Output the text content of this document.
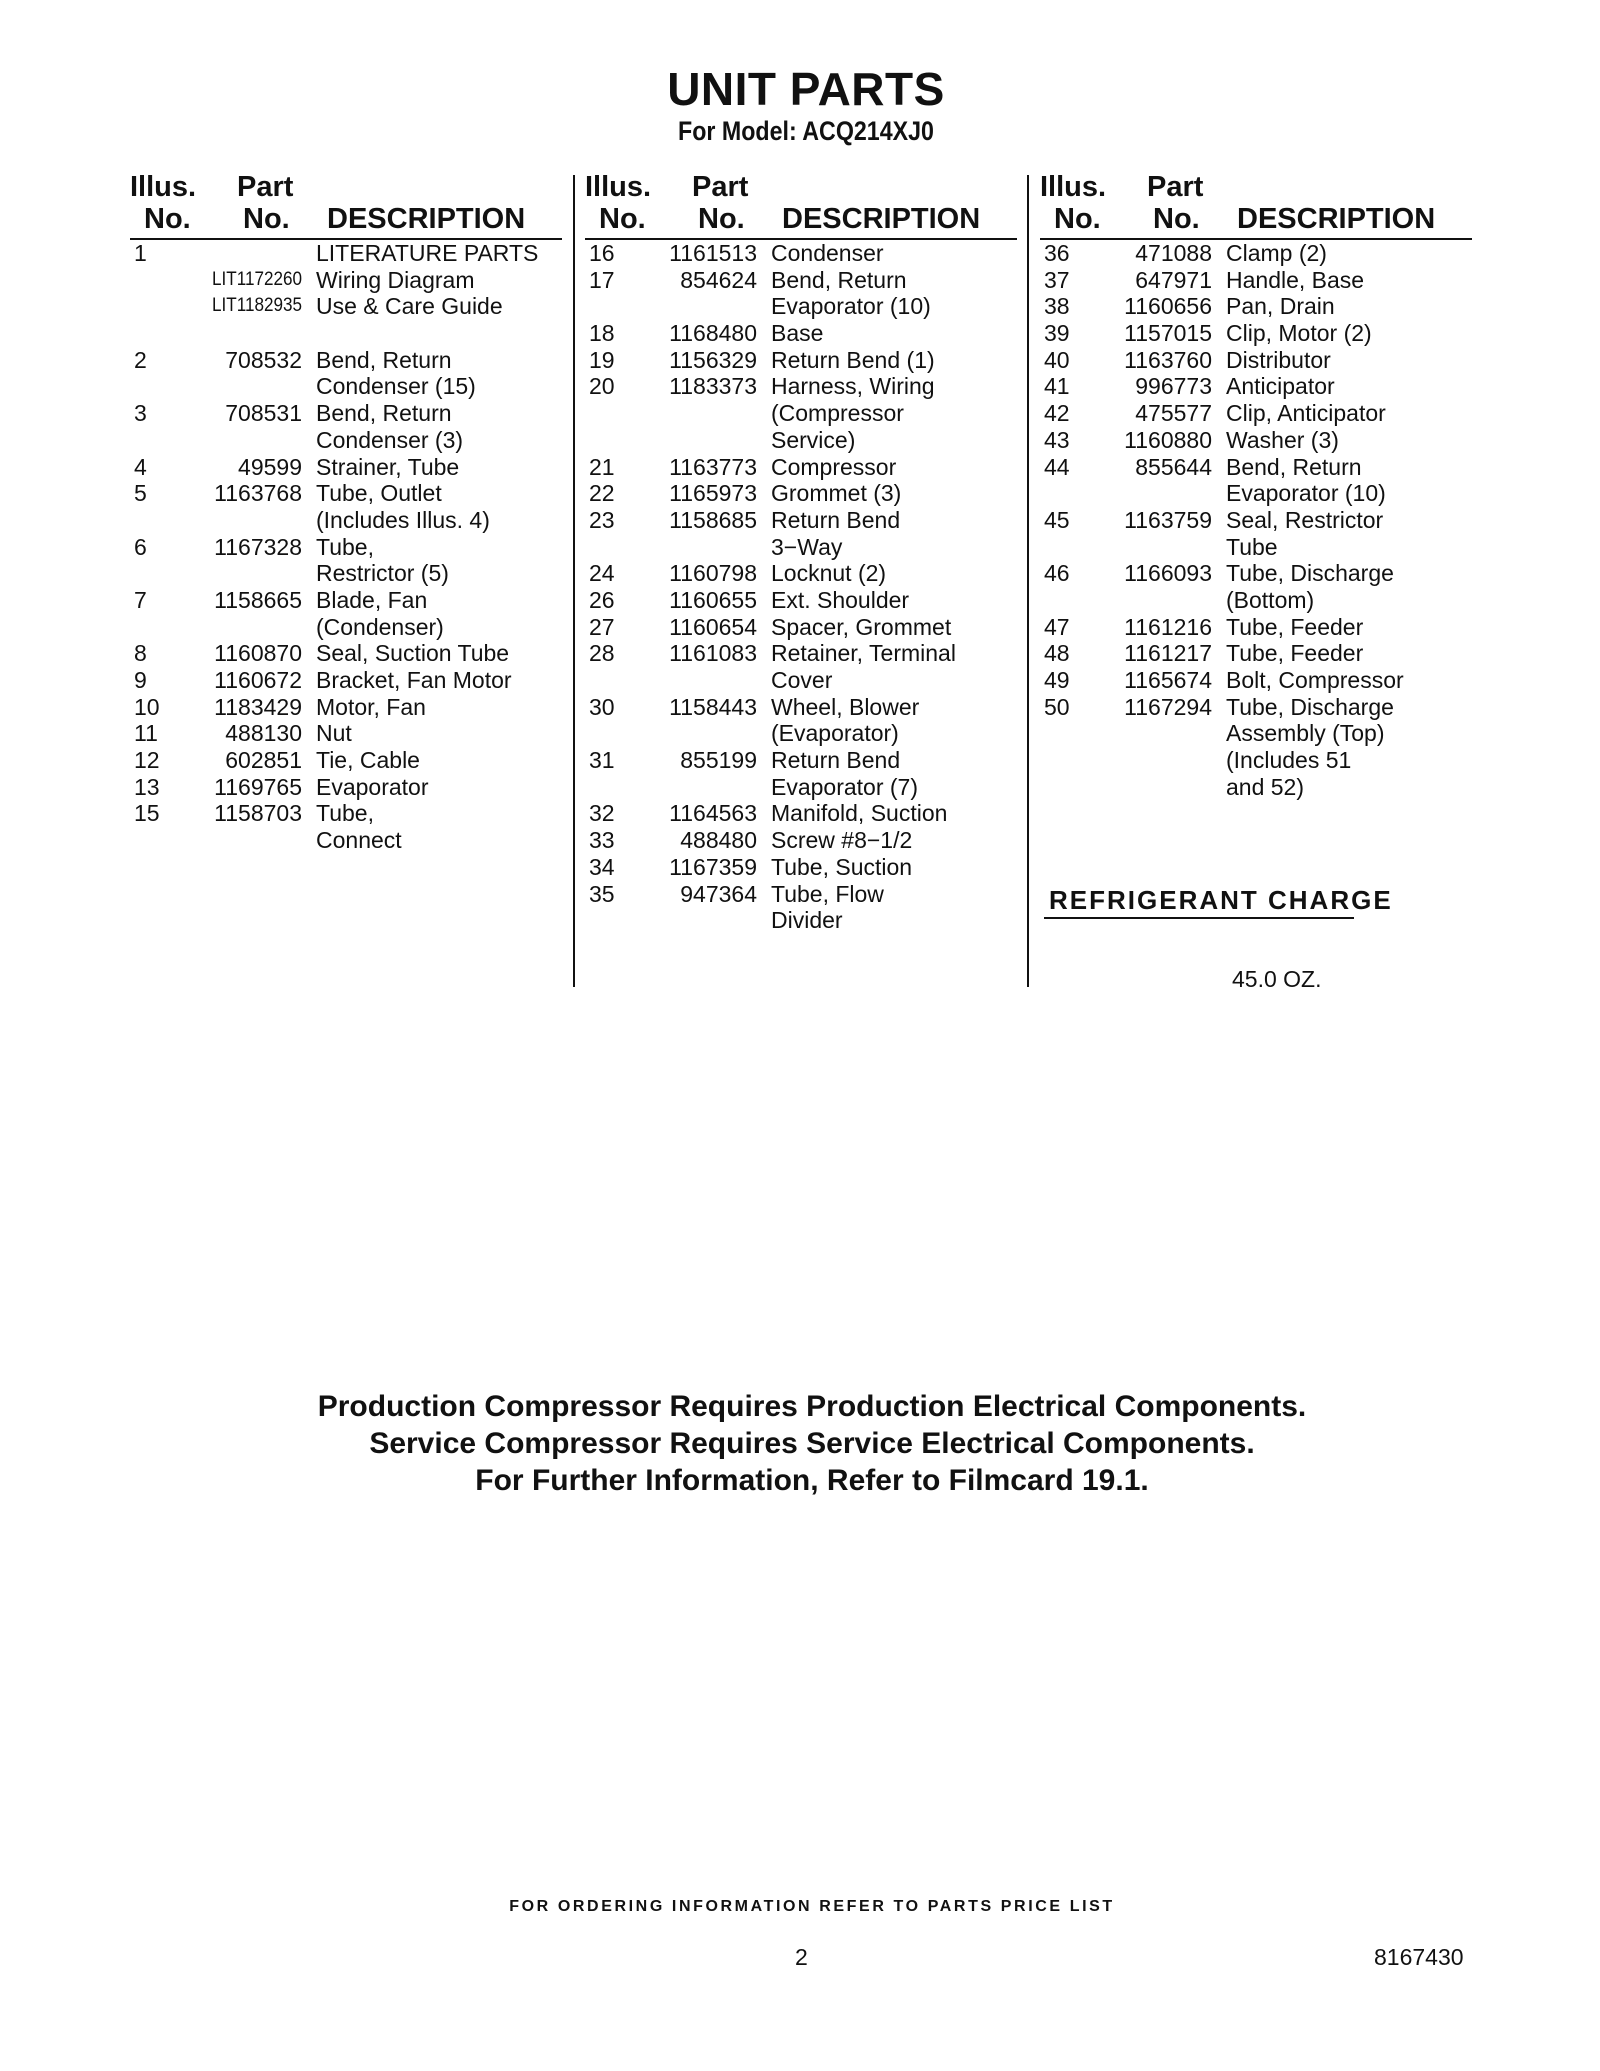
UNIT PARTS
For Model: ACQ214XJ0
Illus.
No.
Part
No. DESCRIPTION
1	LITERATURE PARTS
LIT1172260 Wiring Diagram
LIT1182935 Use & Care Guide
2	708532 Bend, Return
Condenser (15)
3	708531 Bend, Return
Condenser (3)
4	49599 Strainer, Tube
5	1163768 Tube, Outlet
(Includes Illus. 4)
6	1167328 Tube,
Restrictor (5)
7	1158665 Blade, Fan
(Condenser)
8	1160870 Seal, Suction Tube
9	1160672 Bracket, Fan Motor
10 1183429 Motor, Fan
11	488130 Nut
12	602851 Tie, Cable
13 1169765 Evaporator
15 1158703 Tube,
Connect
Illus.
No.
Part
No. DESCRIPTION
16 1161513 Condenser
17	854624 Bend, Return
Evaporator (10)
18 1168480 Base
19 1156329 Return Bend (1)
20 1183373 Harness, Wiring
(Compressor
Service)
21 1163773 Compressor
22 1165973 Grommet (3)
23 1158685 Return Bend
3−Way
24 1160798 Locknut (2)
26 1160655 Ext. Shoulder
27 1160654 Spacer, Grommet
28 1161083 Retainer, Terminal
Cover
30 1158443 Wheel, Blower
(Evaporator)
31	855199 Return Bend
Evaporator (7)
32 1164563 Manifold, Suction
33	488480 Screw #8−1/2
34 1167359 Tube, Suction
35	947364 Tube, Flow
Divider
Illus.
No.
Part
No. DESCRIPTION
36	471088 Clamp (2)
37	647971 Handle, Base
38 1160656 Pan, Drain
39 1157015 Clip, Motor (2)
40 1163760 Distributor
41	996773 Anticipator
42	475577 Clip, Anticipator
43 1160880 Washer (3)
44	855644 Bend, Return
Evaporator (10)
45 1163759 Seal, Restrictor
Tube
46 1166093 Tube, Discharge
(Bottom)
47 1161216 Tube, Feeder
48 1161217 Tube, Feeder
49 1165674 Bolt, Compressor
50 1167294 Tube, Discharge
Assembly (Top)
(Includes 51
and 52)
REFRIGERANT CHARGE
45.0 OZ.
Production Compressor Requires Production Electrical Components.
Service Compressor Requires Service Electrical Components.
For Further Information, Refer to Filmcard 19.1.
FOR ORDERING INFORMATION REFER TO PARTS PRICE LIST
2	8167430
